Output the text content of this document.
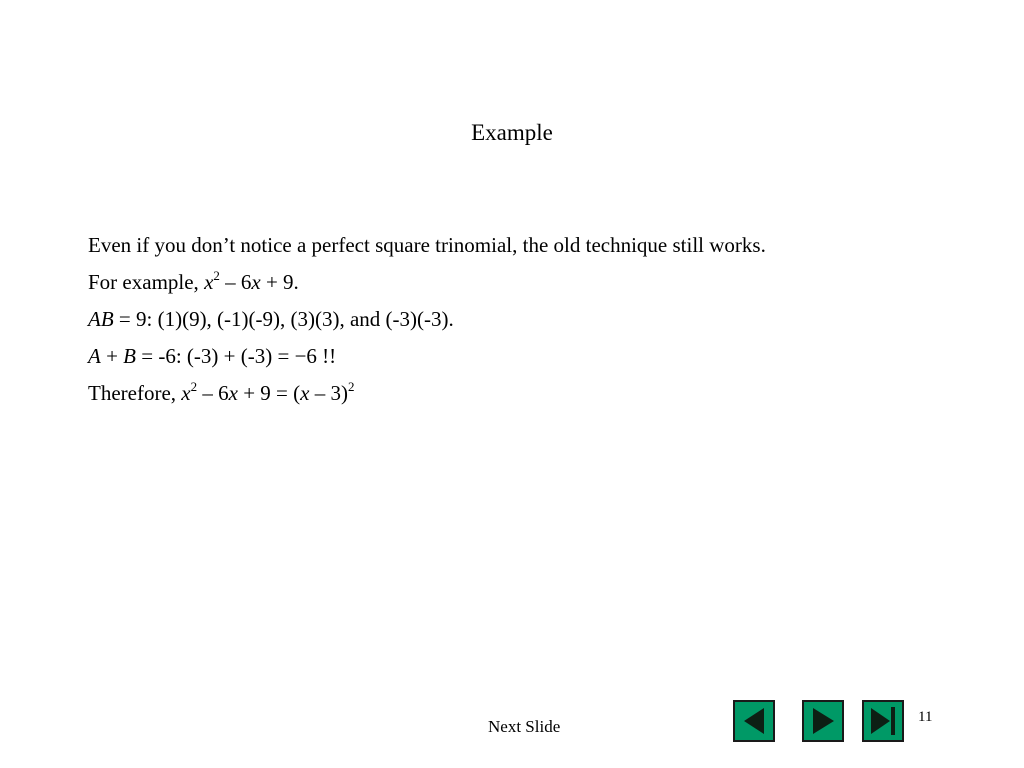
Example
Even if you don’t notice a perfect square trinomial, the old technique still works.
For example, $x^2 - 6x + 9$.
AB = 9: (1)(9), (-1)(-9), (3)(3), and (-3)(-3).
A + B = -6: (-3) + (-3) = −6 !!
Therefore, $x^2 - 6x + 9 = (x - 3)^2$
Next Slide	11
